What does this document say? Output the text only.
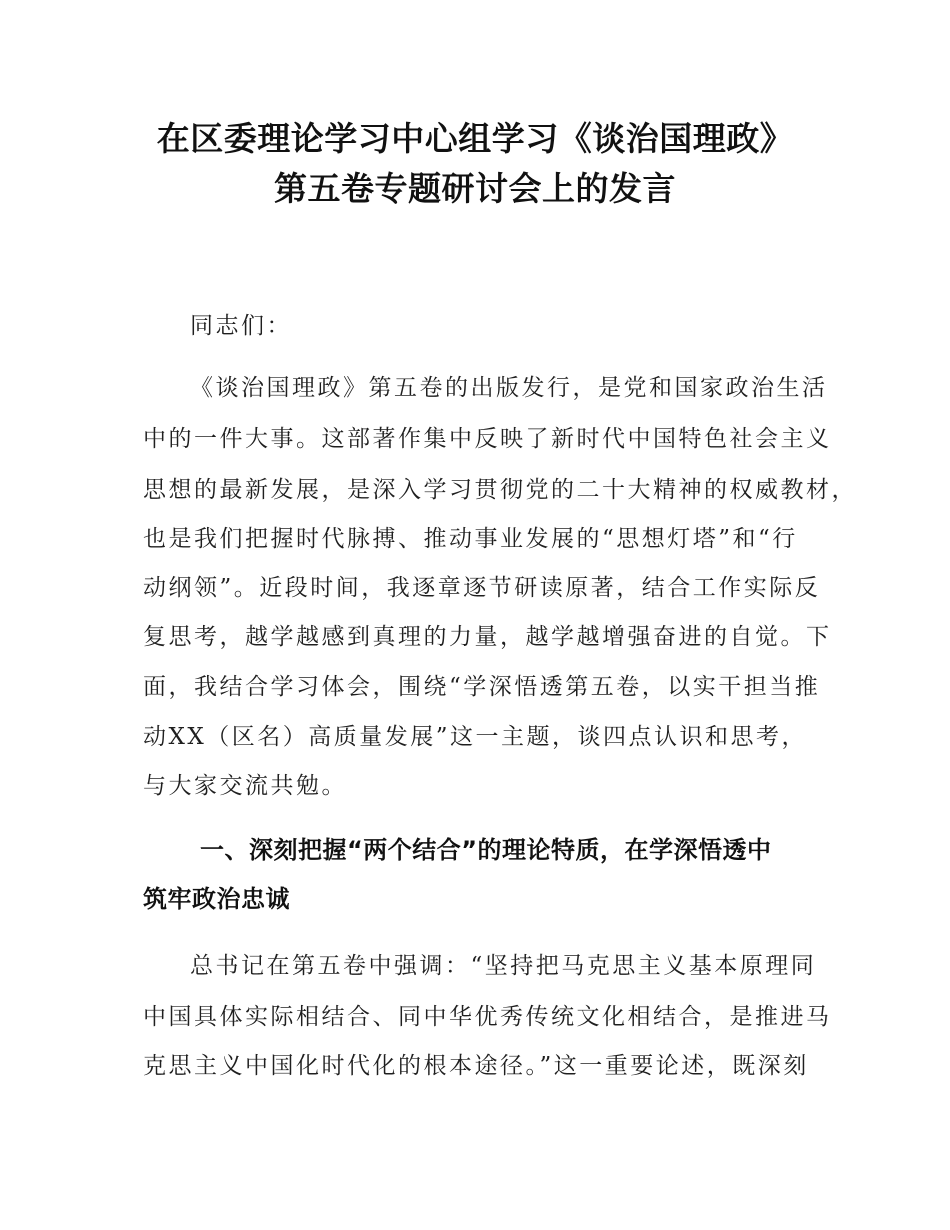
在区委理论学习中心组学习《谈治国理政》
第五卷专题研讨会上的发言
同志们：
《谈治国理政》第五卷的出版发行，是党和国家政治生活
中的一件大事。这部著作集中反映了新时代中国特色社会主义
思想的最新发展，是深入学习贯彻党的二十大精神的权威教材，
也是我们把握时代脉搏、推动事业发展的“思想灯塔”和“行
动纲领”。近段时间，我逐章逐节研读原著，结合工作实际反
复思考，越学越感到真理的力量，越学越增强奋进的自觉。下
面，我结合学习体会，围绕“学深悟透第五卷，以实干担当推
动XX（区名）高质量发展”这一主题，谈四点认识和思考，
与大家交流共勉。
一、深刻把握“两个结合”的理论特质，在学深悟透中
筑牢政治忠诚
总书记在第五卷中强调：“坚持把马克思主义基本原理同
中国具体实际相结合、同中华优秀传统文化相结合，是推进马
克思主义中国化时代化的根本途径。”这一重要论述，既深刻
